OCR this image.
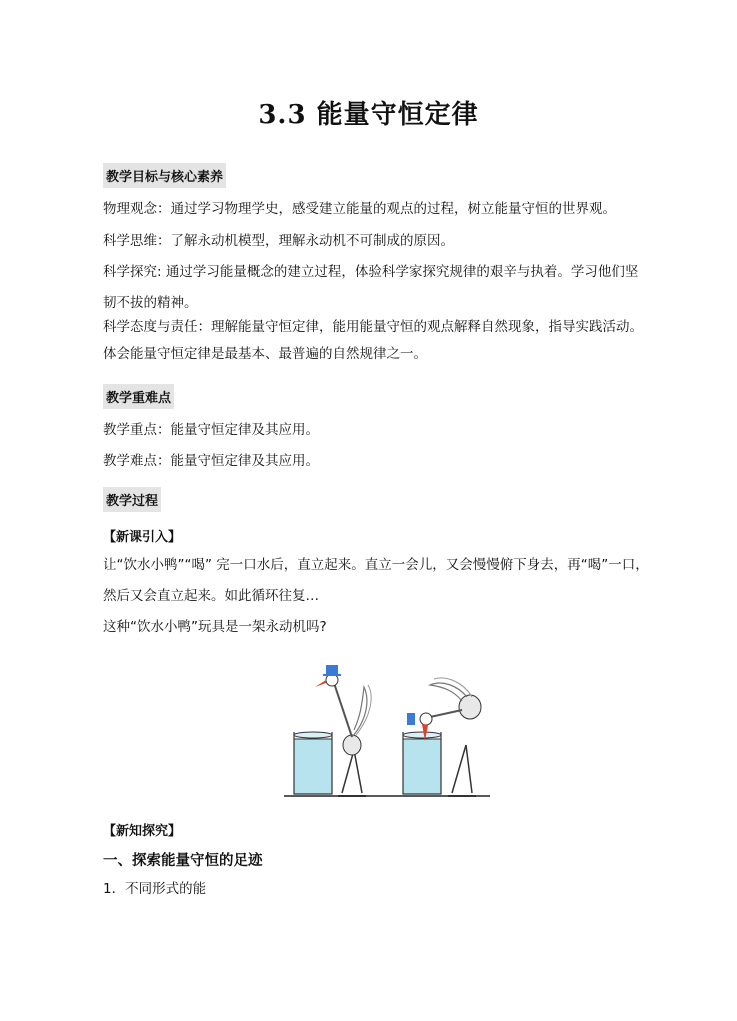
3.3 能量守恒定律
教学目标与核心素养
物理观念：通过学习物理学史，感受建立能量的观点的过程，树立能量守恒的世界观。
科学思维：了解永动机模型，理解永动机不可制成的原因。
科学探究: 通过学习能量概念的建立过程，体验科学家探究规律的艰辛与执着。学习他们坚
韧不拔的精神。
科学态度与责任：理解能量守恒定律，能用能量守恒的观点解释自然现象，指导实践活动。
体会能量守恒定律是最基本、最普遍的自然规律之一。
教学重难点
教学重点：能量守恒定律及其应用。
教学难点：能量守恒定律及其应用。
教学过程
【新课引入】
让“饮水小鸭”“喝” 完一口水后，直立起来。直立一会儿，又会慢慢俯下身去，再“喝”一口，
然后又会直立起来。如此循环往复…
这种“饮水小鸭”玩具是一架永动机吗?
【新知探究】
一、探索能量守恒的足迹
1．不同形式的能
